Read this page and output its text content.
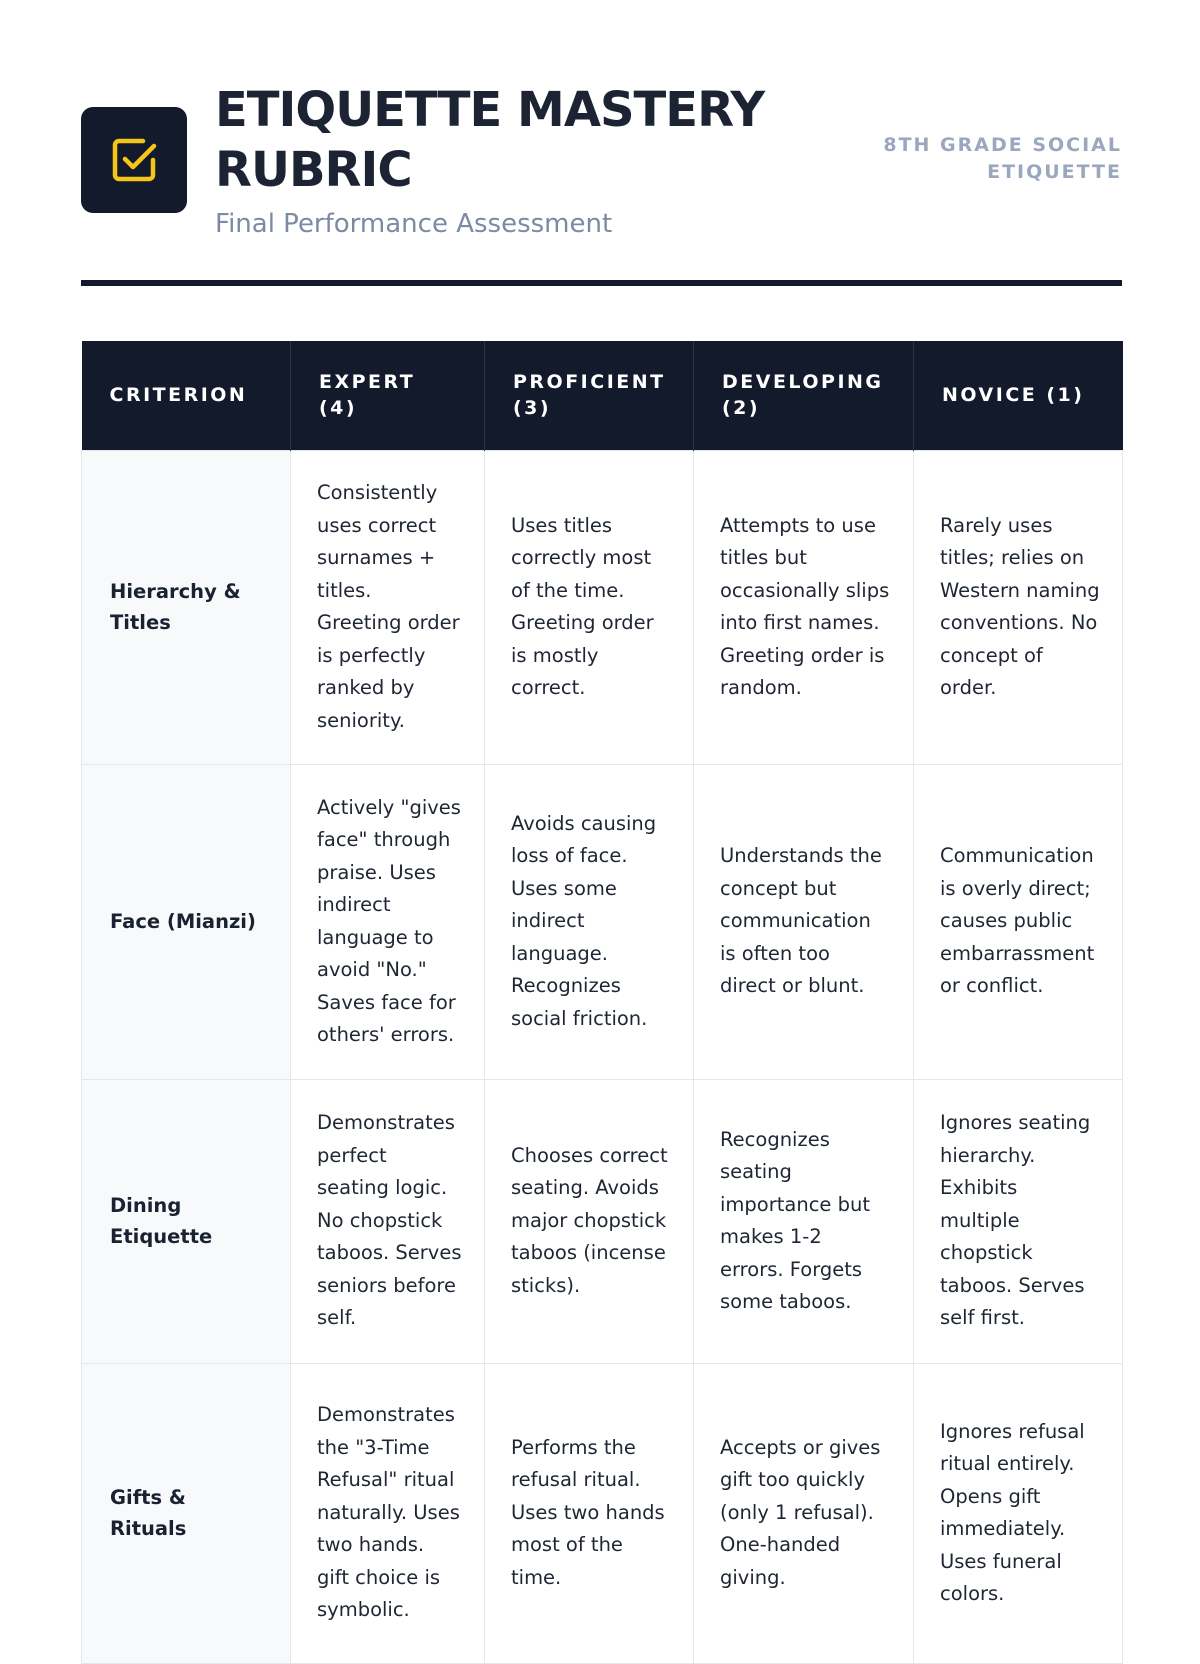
ETIQUETTE MASTERY RUBRIC
Final Performance Assessment
8TH GRADE SOCIAL ETIQUETTE
CRITERION	EXPERT (4)	PROFICIENT (3)	DEVELOPING (2)	NOVICE (1)
Hierarchy & Titles	Consistently uses correct surnames + titles. Greeting order is perfectly ranked by seniority.	Uses titles correctly most of the time. Greeting order is mostly correct.	Attempts to use titles but occasionally slips into first names. Greeting order is random.	Rarely uses titles; relies on Western naming conventions. No concept of order.
Face (Mianzi)	Actively "gives face" through praise. Uses indirect language to avoid "No." Saves face for others' errors.	Avoids causing loss of face. Uses some indirect language. Recognizes social friction.	Understands the concept but communication is often too direct or blunt.	Communication is overly direct; causes public embarrassment or conflict.
Dining Etiquette	Demonstrates perfect seating logic. No chopstick taboos. Serves seniors before self.	Chooses correct seating. Avoids major chopstick taboos (incense sticks).	Recognizes seating importance but makes 1-2 errors. Forgets some taboos.	Ignores seating hierarchy. Exhibits multiple chopstick taboos. Serves self first.
Gifts & Rituals	Demonstrates the "3-Time Refusal" ritual naturally. Uses two hands. gift choice is symbolic.	Performs the refusal ritual. Uses two hands most of the time.	Accepts or gives gift too quickly (only 1 refusal). One-handed giving.	Ignores refusal ritual entirely. Opens gift immediately. Uses funeral colors.
